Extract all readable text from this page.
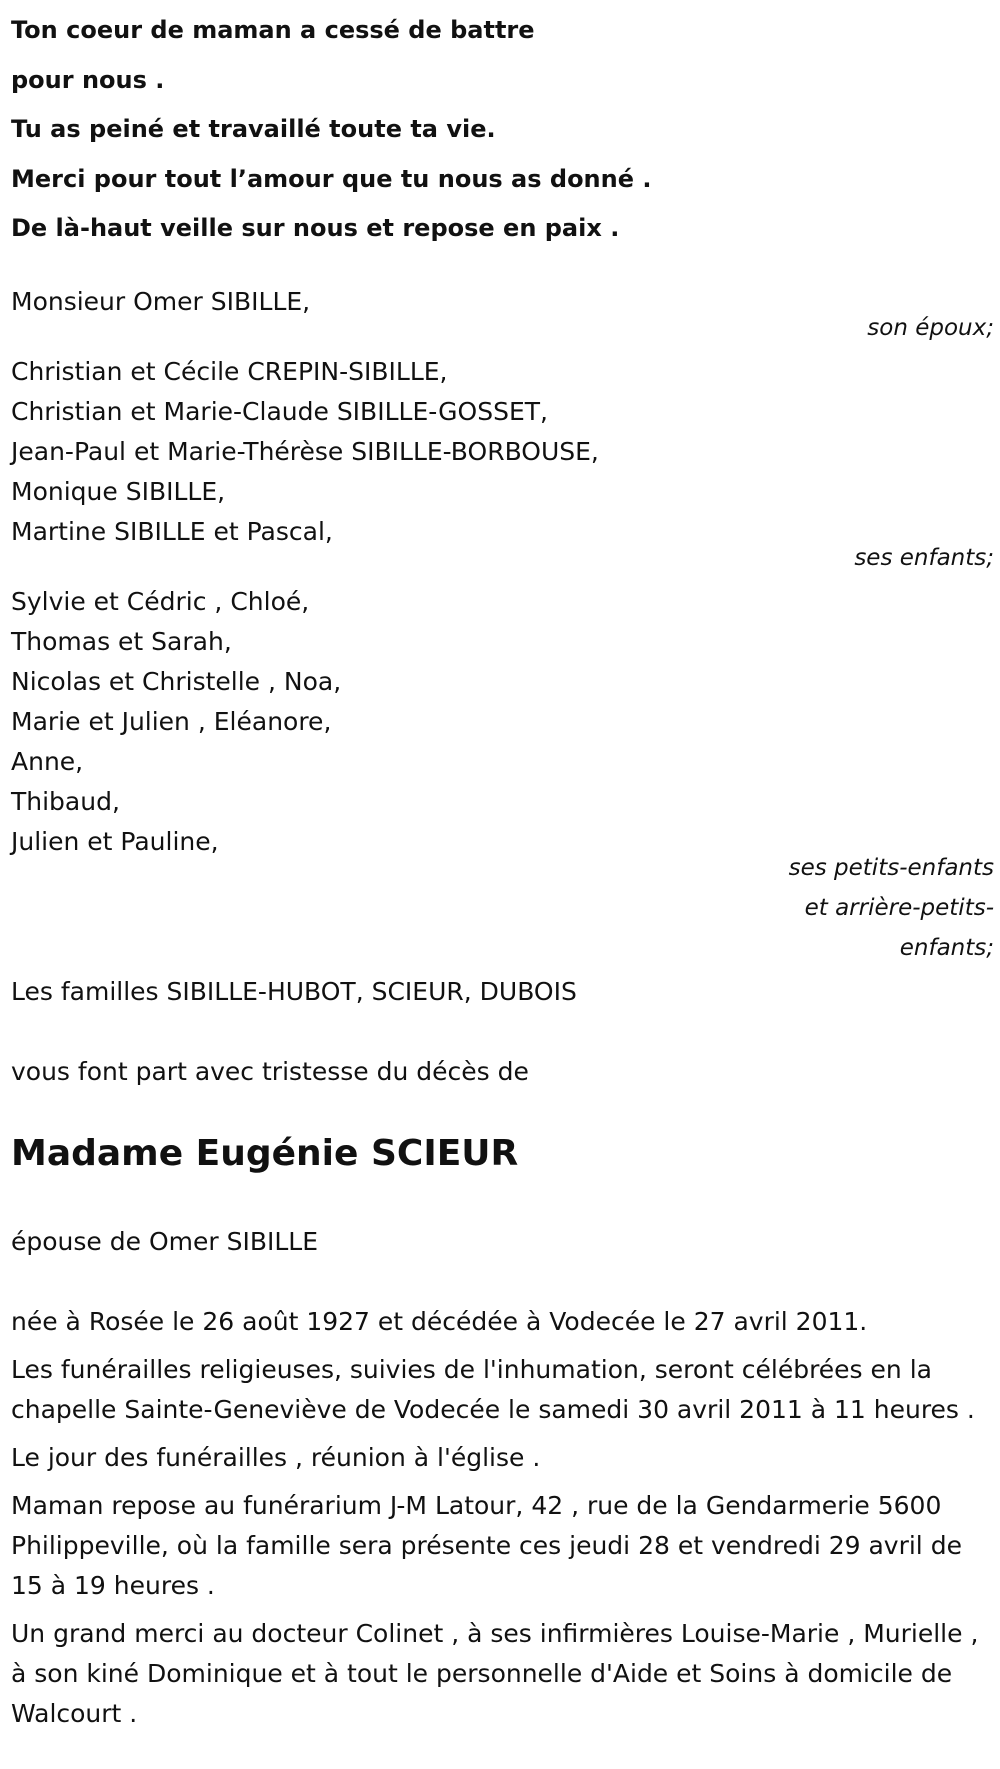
Ton coeur de maman a cessé de battre

pour nous .

Tu as peiné et travaillé toute ta vie.

Merci pour tout l’amour que tu nous as donné .

De là-haut veille sur nous et repose en paix .

Monsieur Omer SIBILLE,

son époux;

Christian et Cécile CREPIN-SIBILLE,

Christian et Marie-Claude SIBILLE-GOSSET,

Jean-Paul et Marie-Thérèse SIBILLE-BORBOUSE,

Monique SIBILLE,

Martine SIBILLE et Pascal,

ses enfants;

Sylvie et Cédric , Chloé,

Thomas et Sarah,

Nicolas et Christelle , Noa,

Marie et Julien , Eléanore,

Anne,

Thibaud,

Julien et Pauline,

ses petits-enfants

et arrière-petits-

enfants;

Les familles SIBILLE-HUBOT, SCIEUR, DUBOIS
vous font part avec tristesse du décès de
Madame Eugénie SCIEUR
épouse de Omer SIBILLE

née à Rosée le 26 août 1927 et décédée à Vodecée le 27 avril 2011.

Les funérailles religieuses, suivies de l'inhumation, seront célébrées en la chapelle Sainte-Geneviève de Vodecée le samedi 30 avril 2011 à 11 heures .

Le jour des funérailles , réunion à l'église .

Maman repose au funérarium J-M Latour, 42 , rue de la Gendarmerie 5600 Philippeville, où la famille sera présente ces jeudi 28 et vendredi 29 avril de 15 à 19 heures .

Un grand merci au docteur Colinet , à ses infirmières Louise-Marie , Murielle , à son kiné Dominique et à tout le personnelle d'Aide et Soins à domicile de Walcourt .
